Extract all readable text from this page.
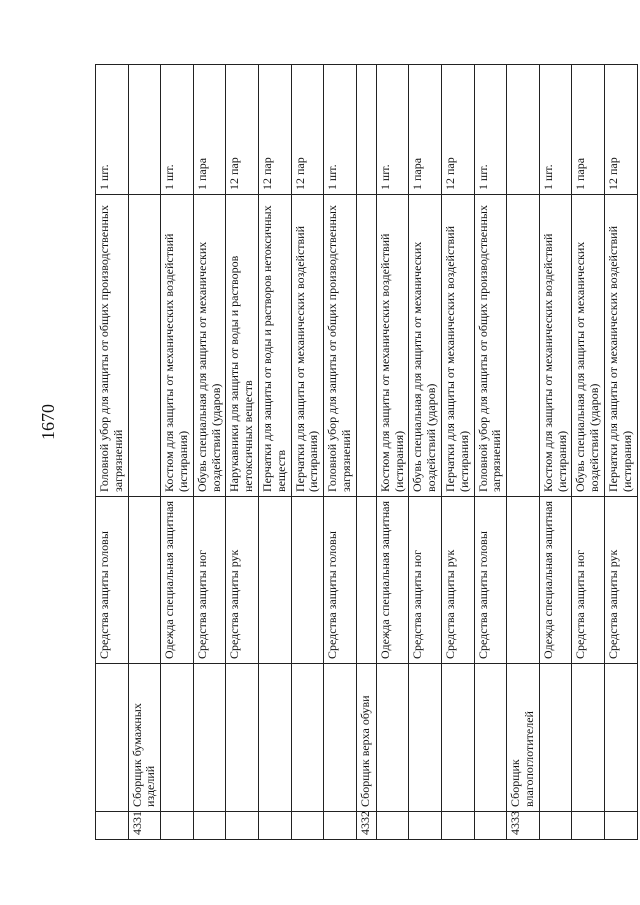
1670
		Средства защиты головы	Головной убор для защиты от общих производственных загрязнений	1 шт.
4331	Сборщик бумажных изделий			
		Одежда специальная защитная	Костюм для защиты от механических воздействий (истирания)	1 шт.
		Средства защиты ног	Обувь специальная для защиты от механических воздействий (ударов)	1 пара
		Средства защиты рук	Нарукавники для защиты от воды и растворов нетоксичных веществ	12 пар
			Перчатки для защиты от воды и растворов нетоксичных веществ	12 пар
			Перчатки для защиты от механических воздействий (истирания)	12 пар
		Средства защиты головы	Головной убор для защиты от общих производственных загрязнений	1 шт.
4332	Сборщик верха обуви			
		Одежда специальная защитная	Костюм для защиты от механических воздействий (истирания)	1 шт.
		Средства защиты ног	Обувь специальная для защиты от механических воздействий (ударов)	1 пара
		Средства защиты рук	Перчатки для защиты от механических воздействий (истирания)	12 пар
		Средства защиты головы	Головной убор для защиты от общих производственных загрязнений	1 шт.
4333	Сборщик влагопоглотителей			
		Одежда специальная защитная	Костюм для защиты от механических воздействий (истирания)	1 шт.
		Средства защиты ног	Обувь специальная для защиты от механических воздействий (ударов)	1 пара
		Средства защиты рук	Перчатки для защиты от механических воздействий (истирания)	12 пар
